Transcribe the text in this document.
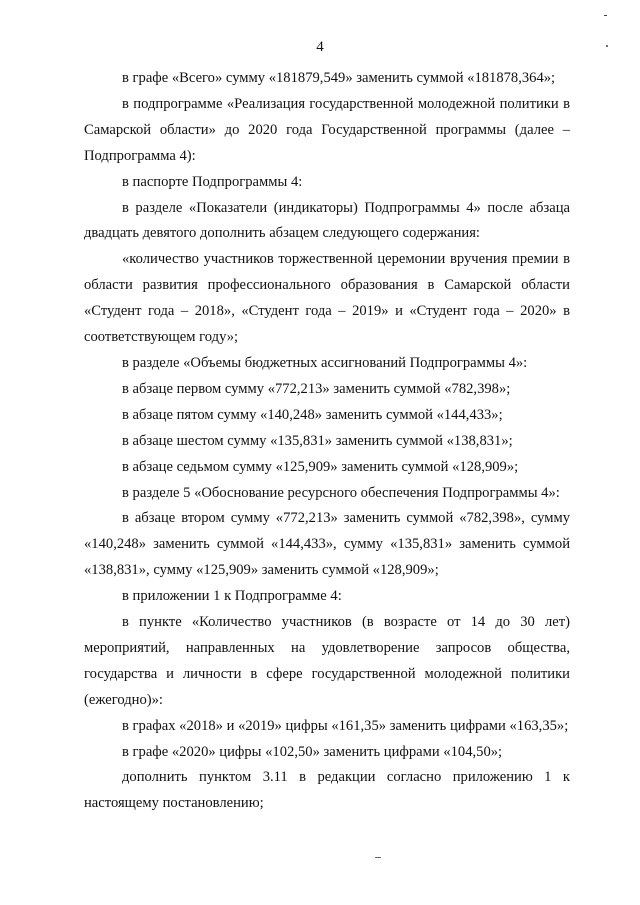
4

в графе «Всего» сумму «181879,549» заменить суммой «181878,364»;

в подпрограмме «Реализация государственной молодежной политики в Самарской области» до 2020 года Государственной программы (далее – Подпрограмма 4):

в паспорте Подпрограммы 4:

в разделе «Показатели (индикаторы) Подпрограммы 4» после абзаца двадцать девятого дополнить абзацем следующего содержания:

«количество участников торжественной церемонии вручения премии в области развития профессионального образования в Самарской области «Студент года – 2018», «Студент года – 2019» и «Студент года – 2020» в соответствующем году»;

в разделе «Объемы бюджетных ассигнований Подпрограммы 4»:

в абзаце первом сумму «772,213» заменить суммой «782,398»;

в абзаце пятом сумму «140,248» заменить суммой «144,433»;

в абзаце шестом сумму «135,831» заменить суммой «138,831»;

в абзаце седьмом сумму «125,909» заменить суммой «128,909»;

в разделе 5 «Обоснование ресурсного обеспечения Подпрограммы 4»:

в абзаце втором сумму «772,213» заменить суммой «782,398», сумму «140,248» заменить суммой «144,433», сумму «135,831» заменить суммой «138,831», сумму «125,909» заменить суммой «128,909»;

в приложении 1 к Подпрограмме 4:

в пункте «Количество участников (в возрасте от 14 до 30 лет) мероприятий, направленных на удовлетворение запросов общества, государства и личности в сфере государственной молодежной политики (ежегодно)»:

в графах «2018» и «2019» цифры «161,35» заменить цифрами «163,35»;

в графе «2020» цифры «102,50» заменить цифрами «104,50»;

дополнить пунктом 3.11 в редакции согласно приложению 1 к настоящему постановлению;
